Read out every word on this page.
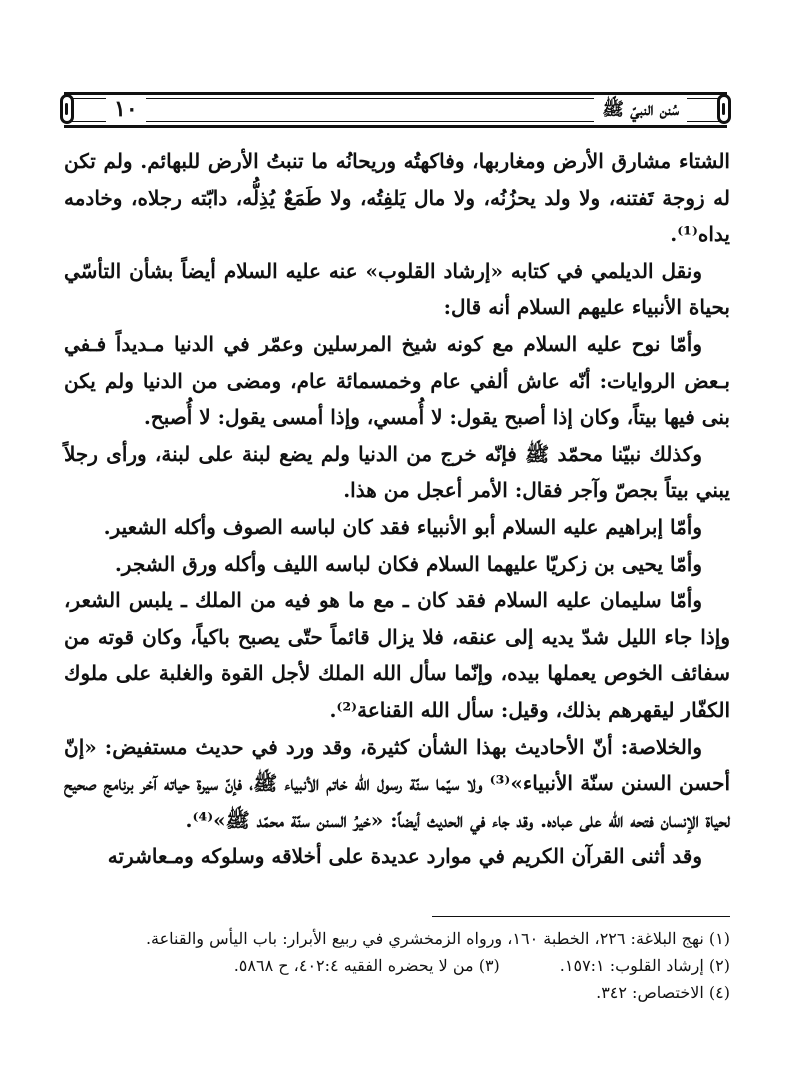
١٠	سُنن النبيّ ﷺ

الشتاء مشارق الأرض ومغاربها، وفاكهتُه وريحانُه ما تنبتُ الأرض للبهائم. ولم تكن له زوجة تَفتنه، ولا ولد يحزُنُه، ولا مال يَلفِتُه، ولا طَمَعٌ يُذِلُّه، دابّته رجلاه، وخادمه يداه⁽¹⁾.

ونقل الديلمي في كتابه «إرشاد القلوب» عنه عليه السلام أيضاً بشأن التأسّي بحياة الأنبياء عليهم السلام أنه قال:

وأمّا نوح عليه السلام مع كونه شيخ المرسلين وعمّر في الدنيا مـديداً فـفي بـعض الروايات: أنّه عاش ألفي عام وخمسمائة عام، ومضى من الدنيا ولم يكن بنى فيها بيتاً، وكان إذا أصبح يقول: لا أُمسي، وإذا أمسى يقول: لا أُصبح.

وكذلك نبيّنا محمّد ﷺ فإنّه خرج من الدنيا ولم يضع لبنة على لبنة، ورأى رجلاً يبني بيتاً بجصّ وآجر فقال: الأمر أعجل من هذا.

وأمّا إبراهيم عليه السلام أبو الأنبياء فقد كان لباسه الصوف وأكله الشعير.

وأمّا يحيى بن زكريّا عليهما السلام فكان لباسه الليف وأكله ورق الشجر.

وأمّا سليمان عليه السلام فقد كان ـ مع ما هو فيه من الملك ـ يلبس الشعر، وإذا جاء الليل شدّ يديه إلى عنقه، فلا يزال قائماً حتّى يصبح باكياً، وكان قوته من سفائف الخوص يعملها بيده، وإنّما سأل الله الملك لأجل القوة والغلبة على ملوك الكفّار ليقهرهم بذلك، وقيل: سأل الله القناعة⁽²⁾.

والخلاصة: أنّ الأحاديث بهذا الشأن كثيرة، وقد ورد في حديث مستفيض: «إنّ أحسن السنن سنّة الأنبياء»⁽³⁾ ولا سيّما سنّة رسول الله خاتم الأنبياء ﷺ، فإنّ سيرة حياته آخر برنامج صحيح لحياة الإنسان فتحه الله على عباده. وقد جاء في الحديث أيضاً: «خيرُ السنن سنّة محمّد ﷺ»⁽⁴⁾.

وقد أثنى القرآن الكريم في موارد عديدة على أخلاقه وسلوكه ومـعاشرته

(١) نهج البلاغة: ٢٢٦، الخطبة ١٦٠، ورواه الزمخشري في ربيع الأبرار: باب اليأس والقناعة.
(٢) إرشاد القلوب: ١٥٧:١.
(٣) من لا يحضره الفقيه ٤٠٢:٤، ح ٥٨٦٨.
(٤) الاختصاص: ٣٤٢.
